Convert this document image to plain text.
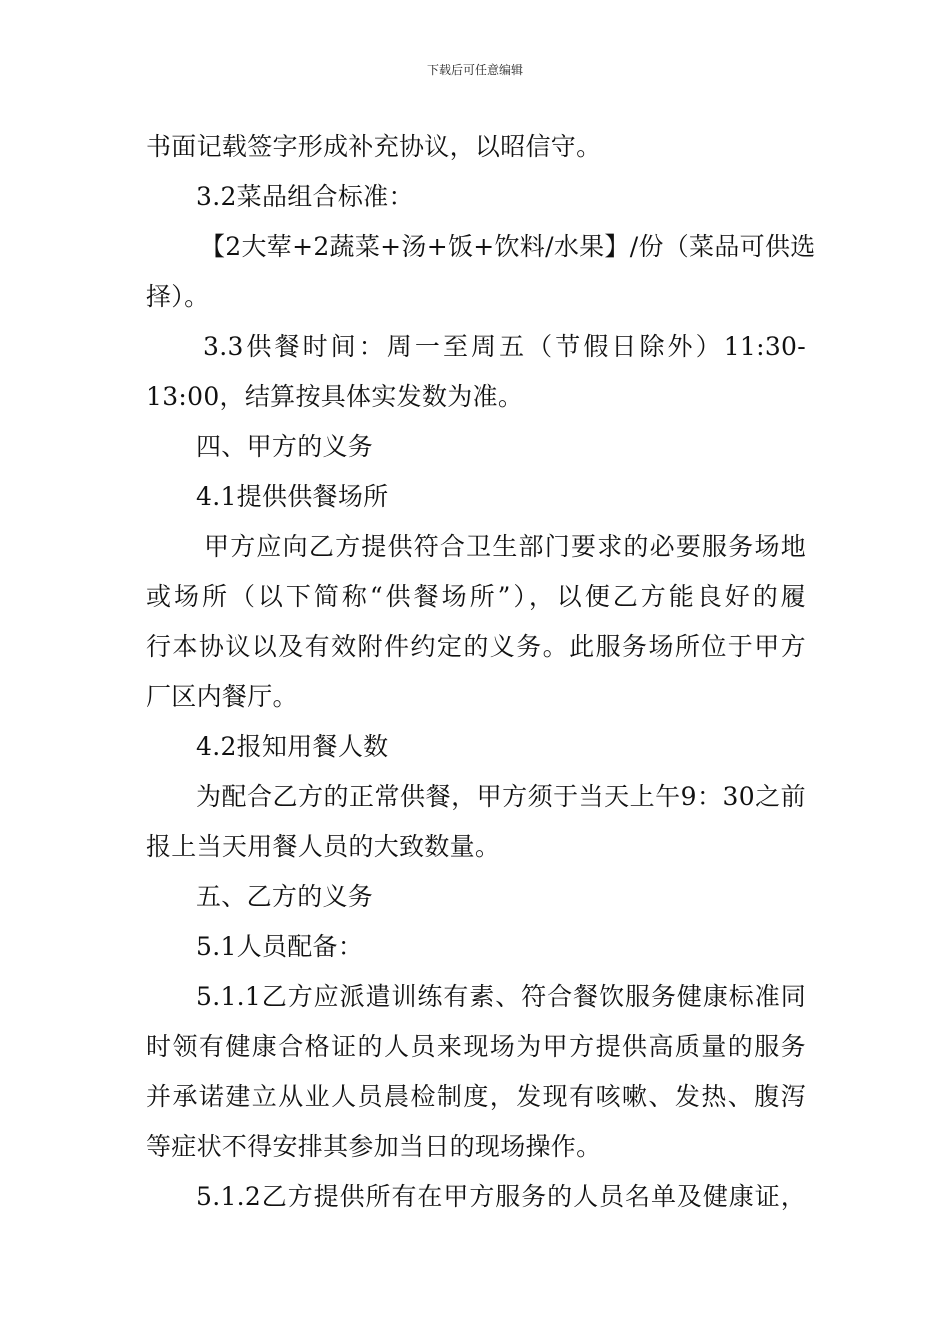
下载后可任意编辑
书面记载签字形成补充协议，以昭信守。
3.2菜品组合标准：
【2大荤+2蔬菜+汤+饭+饮料/水果】/份（菜品可供选
择）。
3.3供餐时间：周一至周五（节假日除外）11:30-
13:00，结算按具体实发数为准。
四、甲方的义务
4.1提供供餐场所
甲方应向乙方提供符合卫生部门要求的必要服务场地
或场所（以下简称“供餐场所”），以便乙方能良好的履
行本协议以及有效附件约定的义务。此服务场所位于甲方
厂区内餐厅。
4.2报知用餐人数
为配合乙方的正常供餐，甲方须于当天上午9：30之前
报上当天用餐人员的大致数量。
五、乙方的义务
5.1人员配备：
5.1.1乙方应派遣训练有素、符合餐饮服务健康标准同
时领有健康合格证的人员来现场为甲方提供高质量的服务
并承诺建立从业人员晨检制度，发现有咳嗽、发热、腹泻
等症状不得安排其参加当日的现场操作。
5.1.2乙方提供所有在甲方服务的人员名单及健康证，
